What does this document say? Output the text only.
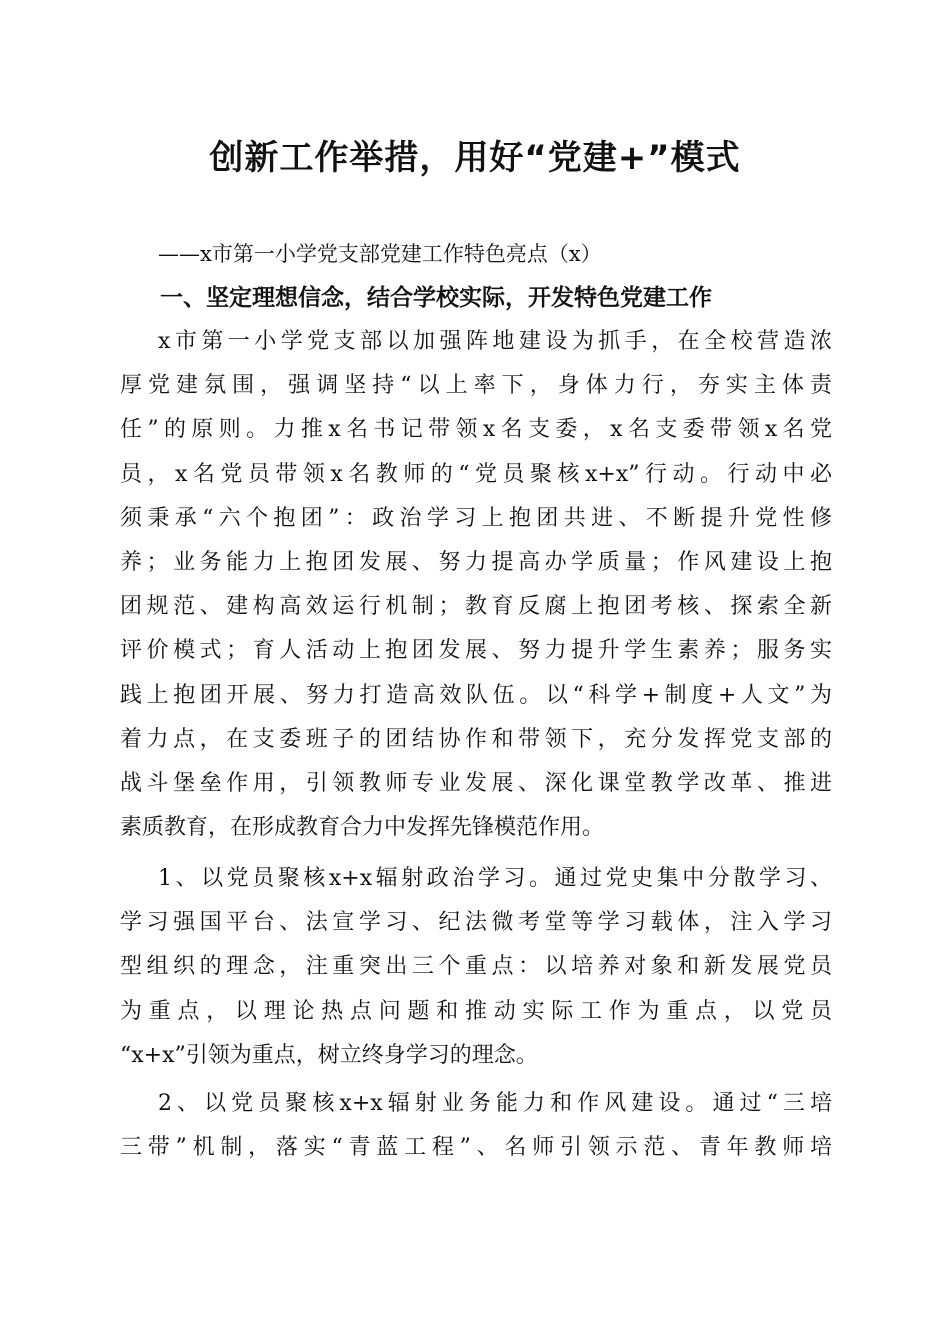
创新工作举措，用好“党建+”模式
——x市第一小学党支部党建工作特色亮点（x）
一、坚定理想信念，结合学校实际，开发特色党建工作
x市第一小学党支部以加强阵地建设为抓手，在全校营造浓
厚党建氛围，强调坚持“以上率下，身体力行，夯实主体责
任”的原则。力推x名书记带领x名支委，x名支委带领x名党
员，x名党员带领x名教师的“党员聚核x+x”行动。行动中必
须秉承“六个抱团”：政治学习上抱团共进、不断提升党性修
养；业务能力上抱团发展、努力提高办学质量；作风建设上抱
团规范、建构高效运行机制；教育反腐上抱团考核、探索全新
评价模式；育人活动上抱团发展、努力提升学生素养；服务实
践上抱团开展、努力打造高效队伍。以“科学+制度+人文”为
着力点，在支委班子的团结协作和带领下，充分发挥党支部的
战斗堡垒作用，引领教师专业发展、深化课堂教学改革、推进
素质教育，在形成教育合力中发挥先锋模范作用。
1、以党员聚核x+x辐射政治学习。通过党史集中分散学习、
学习强国平台、法宣学习、纪法微考堂等学习载体，注入学习
型组织的理念，注重突出三个重点：以培养对象和新发展党员
为重点，以理论热点问题和推动实际工作为重点，以党员
“x+x”引领为重点，树立终身学习的理念。
2、以党员聚核x+x辐射业务能力和作风建设。通过“三培
三带”机制，落实“青蓝工程”、名师引领示范、青年教师培
